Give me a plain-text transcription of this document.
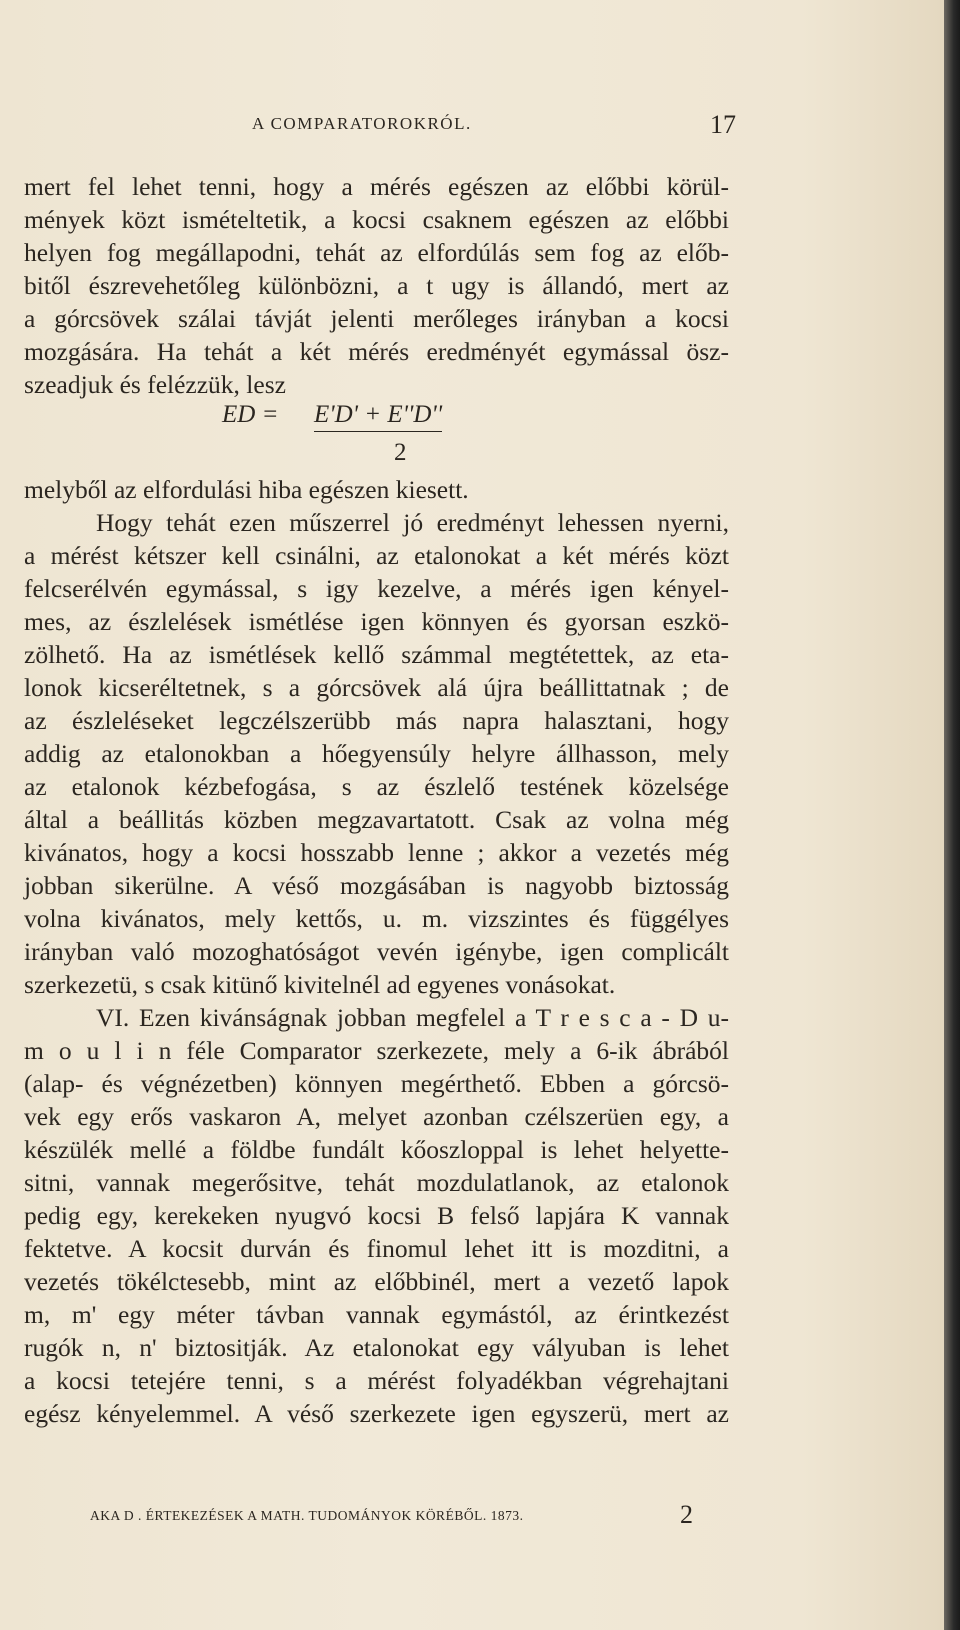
A COMPARATOROKRÓL.	17
mert fel lehet tenni, hogy a mérés egészen az előbbi körül-
mények közt ismételtetik, a kocsi csaknem egészen az előbbi
helyen fog megállapodni, tehát az elfordúlás sem fog az előb-
bitől észrevehetőleg különbözni, a t ugy is állandó, mert az
a górcsövek szálai távját jelenti merőleges irányban a kocsi
mozgására. Ha tehát a két mérés eredményét egymással ösz-
szeadjuk és felézzük, lesz
ED = E'D' + E''D''
2
melyből az elfordulási hiba egészen kiesett.
Hogy tehát ezen műszerrel jó eredményt lehessen nyerni,
a mérést kétszer kell csinálni, az etalonokat a két mérés közt
felcserélvén egymással, s igy kezelve, a mérés igen kényel-
mes, az észlelések ismétlése igen könnyen és gyorsan eszkö-
zölhető. Ha az ismétlések kellő számmal megtétettek, az eta-
lonok kicseréltetnek, s a górcsövek alá újra beállittatnak ; de
az észleléseket legczélszerübb más napra halasztani, hogy
addig az etalonokban a hőegyensúly helyre állhasson, mely
az etalonok kézbefogása, s az észlelő testének közelsége
által a beállitás közben megzavartatott. Csak az volna még
kivánatos, hogy a kocsi hosszabb lenne ; akkor a vezetés még
jobban sikerülne. A véső mozgásában is nagyobb biztosság
volna kivánatos, mely kettős, u. m. vizszintes és függélyes
irányban való mozoghatóságot vevén igénybe, igen complicált
szerkezetü, s csak kitünő kivitelnél ad egyenes vonásokat.
VI. Ezen kivánságnak jobban megfelel a T r e s c a - D u-
m o u l i n féle Comparator szerkezete, mely a 6-ik ábrából
(alap- és végnézetben) könnyen megérthető. Ebben a górcsö-
vek egy erős vaskaron A, melyet azonban czélszerüen egy, a
készülék mellé a földbe fundált kőoszloppal is lehet helyette-
sitni, vannak megerősitve, tehát mozdulatlanok, az etalonok
pedig egy, kerekeken nyugvó kocsi B felső lapjára K vannak
fektetve. A kocsit durván és finomul lehet itt is mozditni, a
vezetés tökélctesebb, mint az előbbinél, mert a vezető lapok
m, m' egy méter távban vannak egymástól, az érintkezést
rugók n, n' biztositják. Az etalonokat egy vályuban is lehet
a kocsi tetejére tenni, s a mérést folyadékban végrehajtani
egész kényelemmel. A véső szerkezete igen egyszerü, mert az
AKA D . ÉRTEKEZÉSEK A MATH. TUDOMÁNYOK KÖRÉBŐL. 1873.	2
